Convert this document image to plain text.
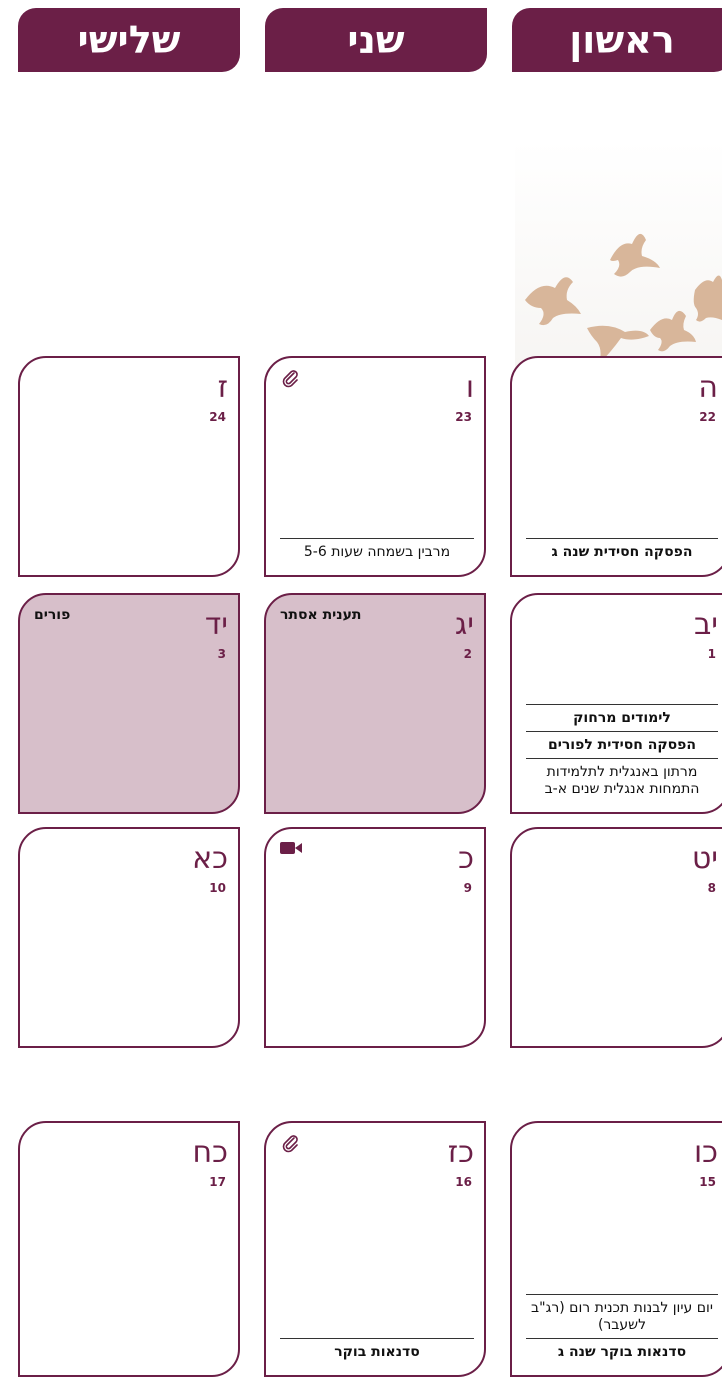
ראשון
שני
שלישי
ה
22
הפסקה חסידית שנה ג
ו
23
מרבין בשמחה שעות 5-6
ז
24
יב
1
לימודים מרחוק
הפסקה חסידית לפורים
מרתון באנגלית לתלמידות התמחות אנגלית שנים א-ב
יג
2
תענית אסתר
יד
3
פורים
יט
8
כ
9
כא
10
כו
15
יום עיון לבנות תכנית רום (רג"ב לשעבר)
סדנאות בוקר שנה ג
כז
16
סדנאות בוקר
כח
17
